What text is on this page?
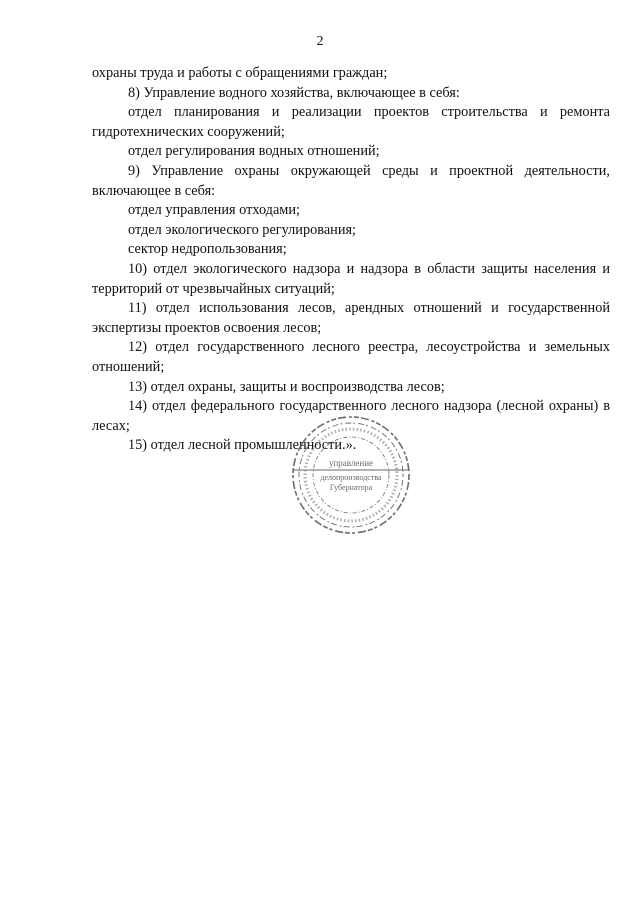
2

охраны труда и работы с обращениями граждан;

8) Управление водного хозяйства, включающее в себя:

отдел планирования и реализации проектов строительства и ремонта гидротехнических сооружений;

отдел регулирования водных отношений;

9) Управление охраны окружающей среды и проектной деятельности, включающее в себя:

отдел управления отходами;

отдел экологического регулирования;

сектор недропользования;

10) отдел экологического надзора и надзора в области защиты населения и территорий от чрезвычайных ситуаций;

11) отдел использования лесов, арендных отношений и государственной экспертизы проектов освоения лесов;

12) отдел государственного лесного реестра, лесоустройства и земельных отношений;

13) отдел охраны, защиты и воспроизводства лесов;

14) отдел федерального государственного лесного надзора (лесной охраны) в лесах;

15) отдел лесной промышленности.».

управление
делопроизводства
Губернатора
